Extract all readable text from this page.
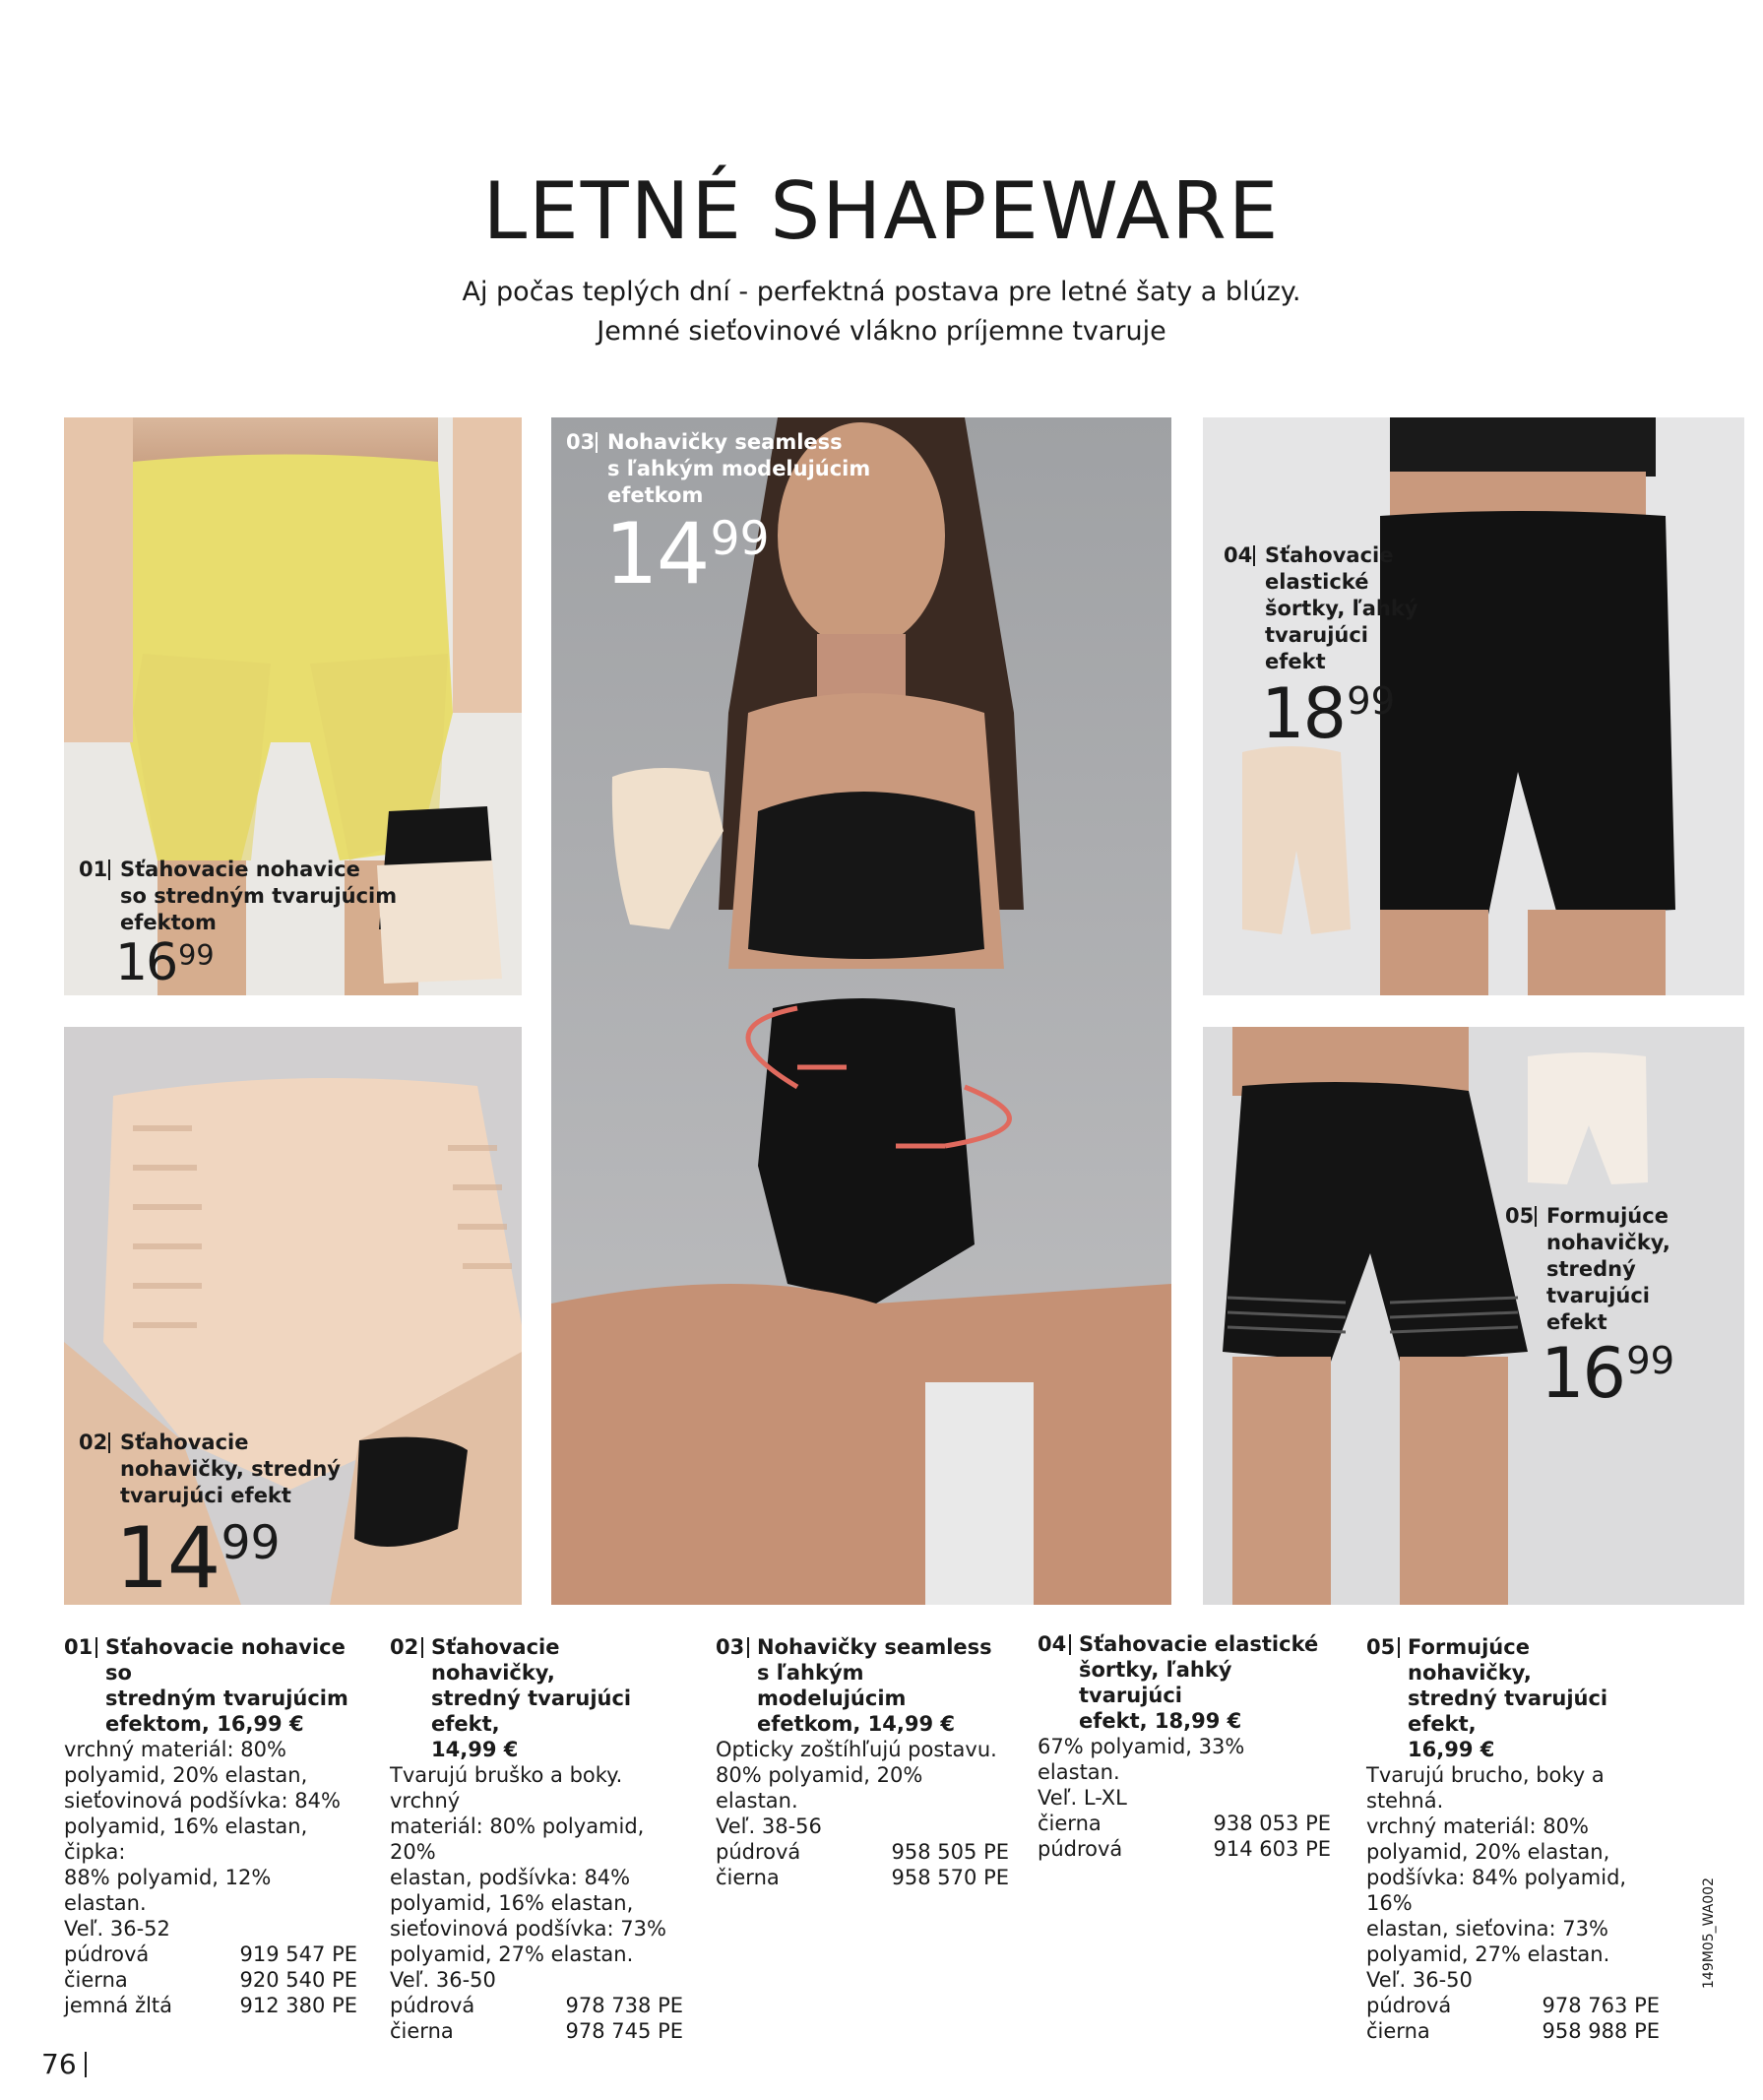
LETNÉ SHAPEWARE
Aj počas teplých dní - perfektná postava pre letné šaty a blúzy.
Jemné sieťovinové vlákno príjemne tvaruje
01 Sťahovacie nohavice
so stredným tvarujúcim
efektom
$16^{99}$
02 Sťahovacie
nohavičky, stredný
tvarujúci efekt
$14^{99}$
03 Nohavičky seamless
s ľahkým modelujúcim
efetkom
$14^{99}$	04 Sťahovacie
elastické
šortky, ľahký
tvarujúci
efekt
$18^{99}$
05 Formujúce
nohavičky,
stredný
tvarujúci
efekt
$16^{99}$
01 Sťahovacie nohavice so
stredným tvarujúcim
efektom, 16,99 €
vrchný materiál: 80%
polyamid, 20% elastan,
sieťovinová podšívka: 84%
polyamid, 16% elastan, čipka:
88% polyamid, 12% elastan.
Veľ. 36-52
púdrová	919 547 PE
čierna	920 540 PE
jemná žltá	912 380 PE
02 Sťahovacie nohavičky,
stredný tvarujúci efekt,
14,99 €
Tvarujú bruško a boky. vrchný
materiál: 80% polyamid, 20%
elastan, podšívka: 84%
polyamid, 16% elastan,
sieťovinová podšívka: 73%
polyamid, 27% elastan.
Veľ. 36-50
púdrová	978 738 PE
čierna	978 745 PE
03 Nohavičky seamless
s ľahkým modelujúcim
efetkom, 14,99 €
Opticky zoštíhľujú postavu.
80% polyamid, 20% elastan.
Veľ. 38-56
púdrová	958 505 PE
čierna	958 570 PE
04 Sťahovacie elastické
šortky, ľahký tvarujúci
efekt, 18,99 €
67% polyamid, 33% elastan.
Veľ. L-XL
čierna	938 053 PE
púdrová	914 603 PE
05 Formujúce nohavičky,
stredný tvarujúci efekt,
16,99 €
Tvarujú brucho, boky a stehná.
vrchný materiál: 80%
polyamid, 20% elastan,
podšívka: 84% polyamid, 16%
elastan, sieťovina: 73%
polyamid, 27% elastan.
Veľ. 36-50
púdrová	978 763 PE
čierna	958 988 PE
76
149M05_WA002
